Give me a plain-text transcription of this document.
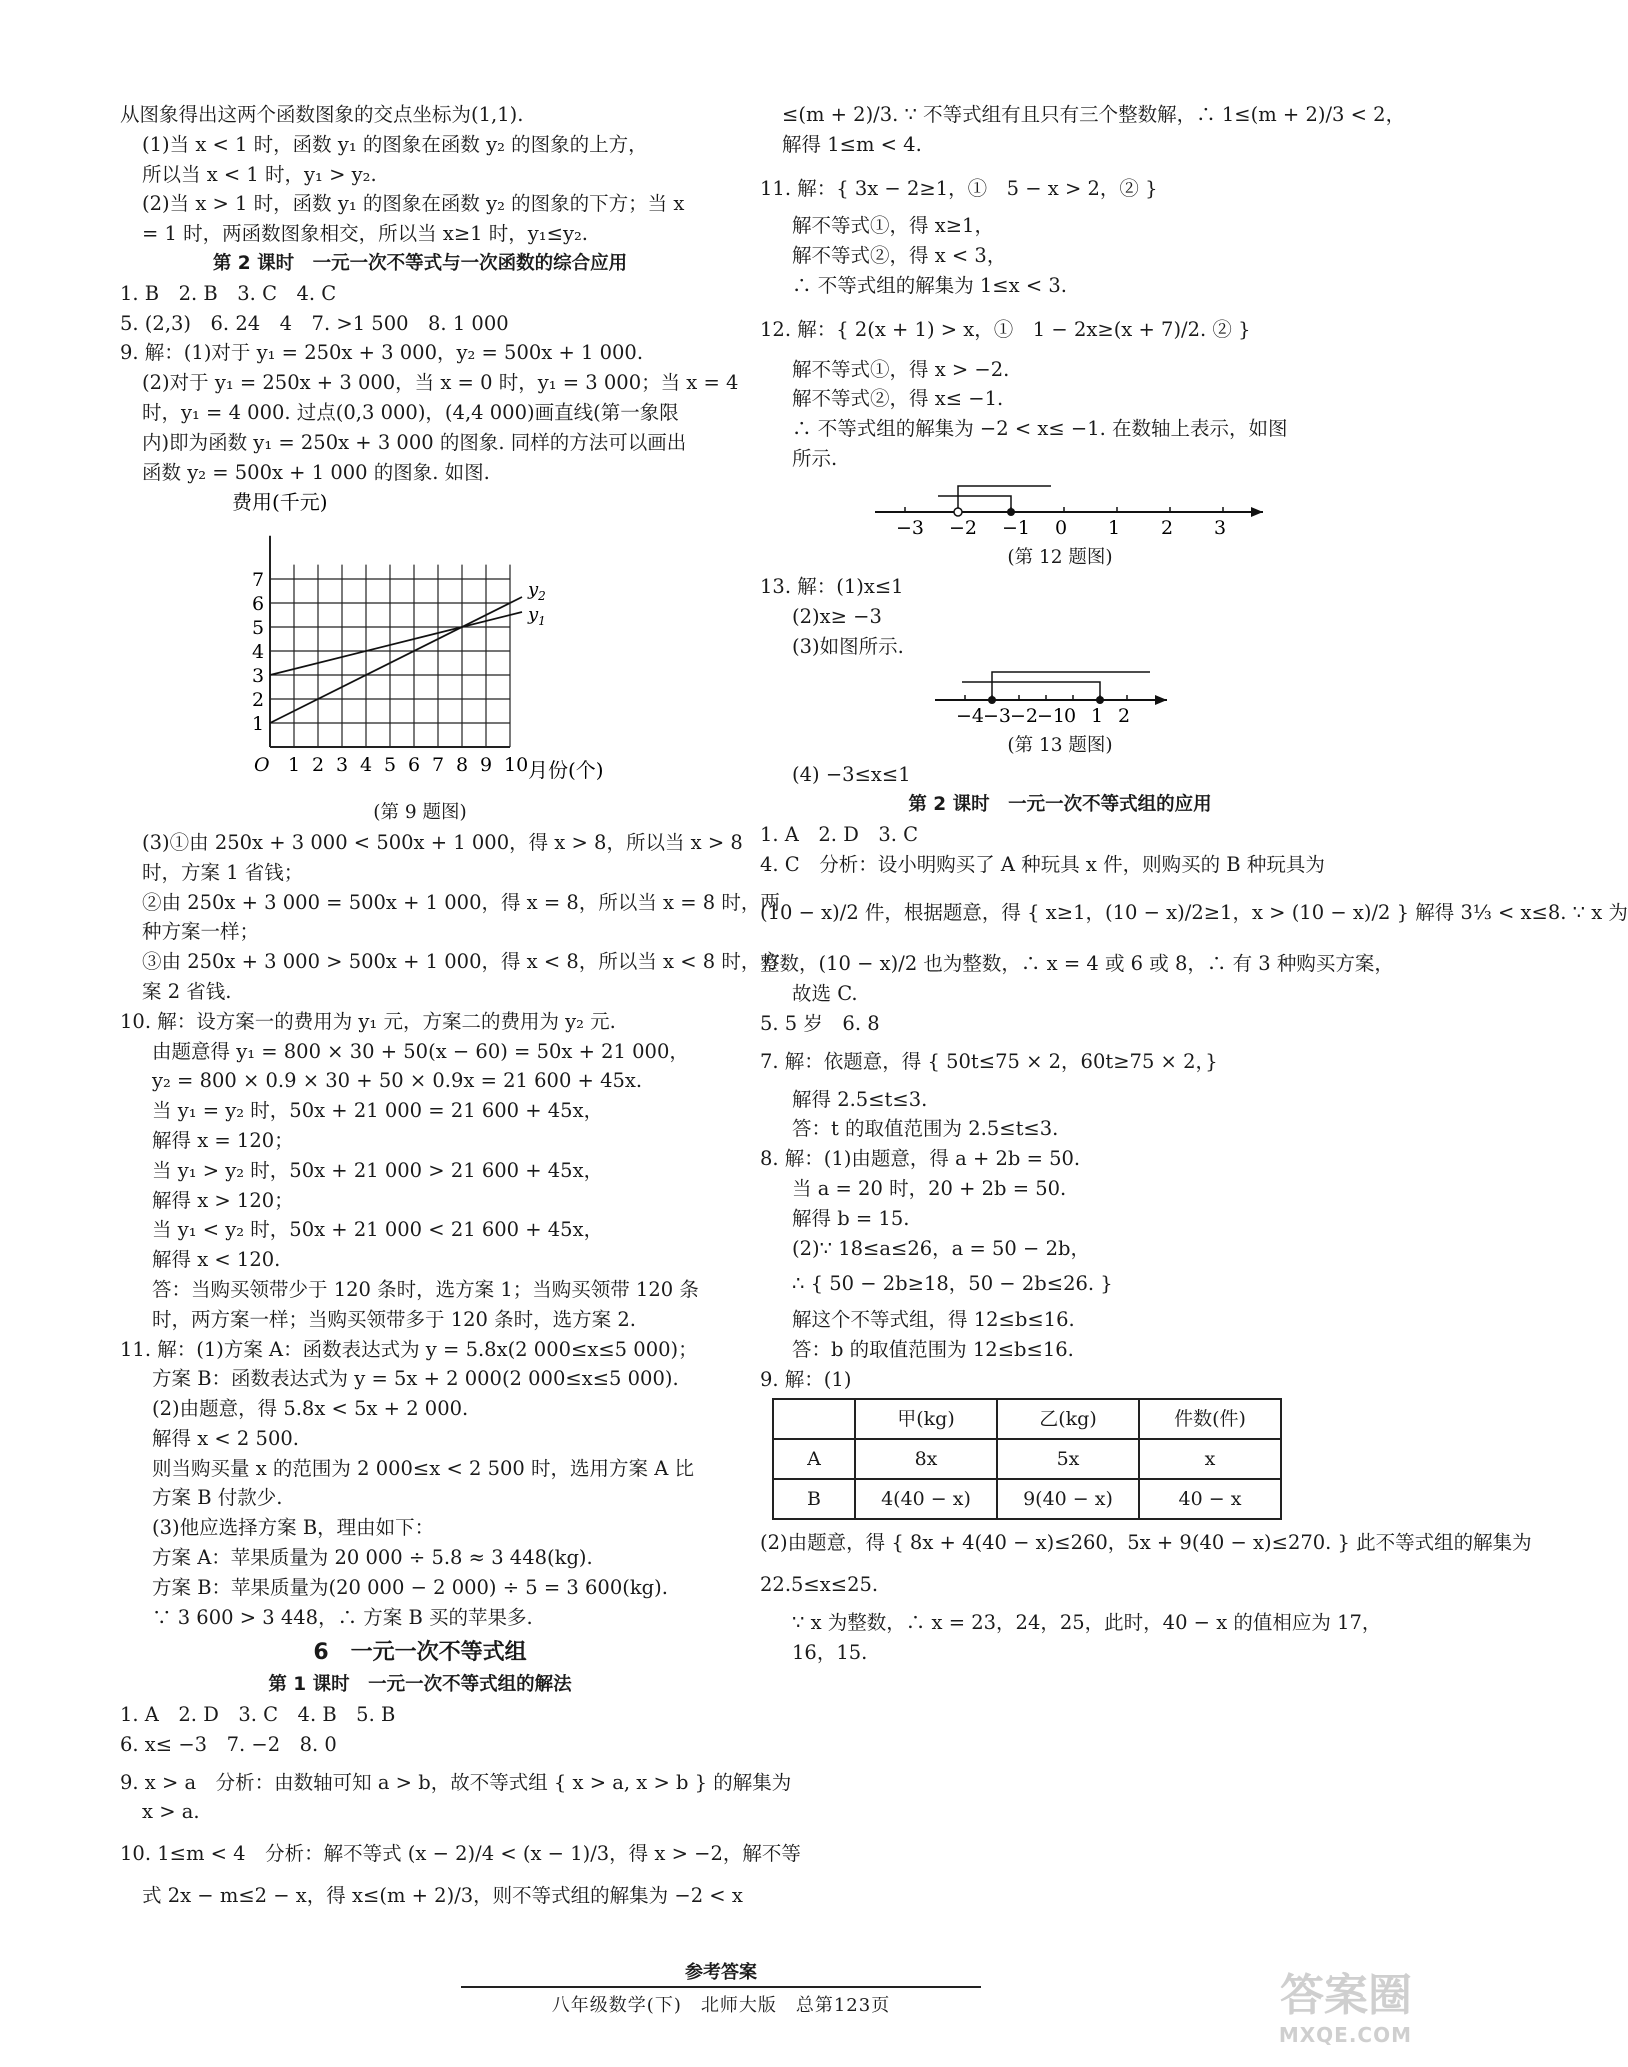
从图象得出这两个函数图象的交点坐标为(1,1).
(1)当 x < 1 时，函数 y₁ 的图象在函数 y₂ 的图象的上方，
所以当 x < 1 时，y₁ > y₂.
(2)当 x > 1 时，函数 y₁ 的图象在函数 y₂ 的图象的下方；当 x
= 1 时，两函数图象相交，所以当 x≥1 时，y₁≤y₂.
第 2 课时　一元一次不等式与一次函数的综合应用
1. B　2. B　3. C　4. C
5. (2,3)　6. 24　4　7. >1 500　8. 1 000
9. 解：(1)对于 y₁ = 250x + 3 000，y₂ = 500x + 1 000.
(2)对于 y₁ = 250x + 3 000，当 x = 0 时，y₁ = 3 000；当 x = 4
时，y₁ = 4 000. 过点(0,3 000)，(4,4 000)画直线(第一象限
内)即为函数 y₁ = 250x + 3 000 的图象. 同样的方法可以画出
函数 y₂ = 500x + 1 000 的图象. 如图.
O 1 2 3 4 5 6 7 8 9 10
1
2
3
4
5
6
7	$y_2$
$y_1$
费用(千元)
月份(个)
(第 9 题图)
(3)①由 250x + 3 000 < 500x + 1 000，得 x > 8，所以当 x > 8
时，方案 1 省钱；
②由 250x + 3 000 = 500x + 1 000，得 x = 8，所以当 x = 8 时，两
种方案一样；
③由 250x + 3 000 > 500x + 1 000，得 x < 8，所以当 x < 8 时，方
案 2 省钱.
10. 解：设方案一的费用为 y₁ 元，方案二的费用为 y₂ 元.
由题意得 y₁ = 800 × 30 + 50(x − 60) = 50x + 21 000，
y₂ = 800 × 0.9 × 30 + 50 × 0.9x = 21 600 + 45x.
当 y₁ = y₂ 时，50x + 21 000 = 21 600 + 45x，
解得 x = 120；
当 y₁ > y₂ 时，50x + 21 000 > 21 600 + 45x，
解得 x > 120；
当 y₁ < y₂ 时，50x + 21 000 < 21 600 + 45x，
解得 x < 120.
答：当购买领带少于 120 条时，选方案 1；当购买领带 120 条
时，两方案一样；当购买领带多于 120 条时，选方案 2.
11. 解：(1)方案 A：函数表达式为 y = 5.8x(2 000≤x≤5 000)；
方案 B：函数表达式为 y = 5x + 2 000(2 000≤x≤5 000).
(2)由题意，得 5.8x < 5x + 2 000.
解得 x < 2 500.
则当购买量 x 的范围为 2 000≤x < 2 500 时，选用方案 A 比
方案 B 付款少.
(3)他应选择方案 B，理由如下：
方案 A：苹果质量为 20 000 ÷ 5.8 ≈ 3 448(kg).
方案 B：苹果质量为(20 000 − 2 000) ÷ 5 = 3 600(kg).
∵ 3 600 > 3 448，∴ 方案 B 买的苹果多.
6　一元一次不等式组
第 1 课时　一元一次不等式组的解法
1. A　2. D　3. C　4. B　5. B
6. x≤ −3　7. −2　8. 0
9. x > a　分析：由数轴可知 a > b，故不等式组 { x > a, x > b } 的解集为
x > a.
10. 1≤m < 4　分析：解不等式 (x − 2)/4 < (x − 1)/3，得 x > −2，解不等
式 2x − m≤2 − x，得 x≤(m + 2)/3，则不等式组的解集为 −2 < x
≤(m + 2)/3. ∵ 不等式组有且只有三个整数解，∴ 1≤(m + 2)/3 < 2，
解得 1≤m < 4.
11. 解：{ 3x − 2≥1，①　5 − x > 2，② }
解不等式①，得 x≥1，
解不等式②，得 x < 3，
∴ 不等式组的解集为 1≤x < 3.
12. 解：{ 2(x + 1) > x，①　1 − 2x≥(x + 7)/2. ② }
解不等式①，得 x > −2.
解不等式②，得 x≤ −1.
∴ 不等式组的解集为 −2 < x≤ −1. 在数轴上表示，如图
所示.
−3 −2 −1 0 1 2 3
(第 12 题图)
13. 解：(1)x≤1
(2)x≥ −3
(3)如图所示.
−4
−3
−2
−1
0 1 2
(第 13 题图)
(4) −3≤x≤1
第 2 课时　一元一次不等式组的应用
1. A　2. D　3. C
4. C　分析：设小明购买了 A 种玩具 x 件，则购买的 B 种玩具为
(10 − x)/2 件，根据题意，得 { x≥1，(10 − x)/2≥1，x > (10 − x)/2 } 解得 3⅓ < x≤8. ∵ x 为
整数，(10 − x)/2 也为整数，∴ x = 4 或 6 或 8，∴ 有 3 种购买方案，
故选 C.
5. 5 岁　6. 8
7. 解：依题意，得 { 50t≤75 × 2，60t≥75 × 2，}
解得 2.5≤t≤3.
答：t 的取值范围为 2.5≤t≤3.
8. 解：(1)由题意，得 a + 2b = 50.
当 a = 20 时，20 + 2b = 50.
解得 b = 15.
(2)∵ 18≤a≤26，a = 50 − 2b，
∴ { 50 − 2b≥18，50 − 2b≤26. }
解这个不等式组，得 12≤b≤16.
答：b 的取值范围为 12≤b≤16.
9. 解：(1)
	甲(kg)	乙(kg)	件数(件)
A	8x	5x	x
B	4(40 − x)	9(40 − x)	40 − x
(2)由题意，得 { 8x + 4(40 − x)≤260，5x + 9(40 − x)≤270. } 此不等式组的解集为
22.5≤x≤25.
∵ x 为整数，∴ x = 23，24，25，此时，40 − x 的值相应为 17，
16，15.
参考答案
八年级数学(下)　北师大版　总第123页	答案圈
MXQE.COM
